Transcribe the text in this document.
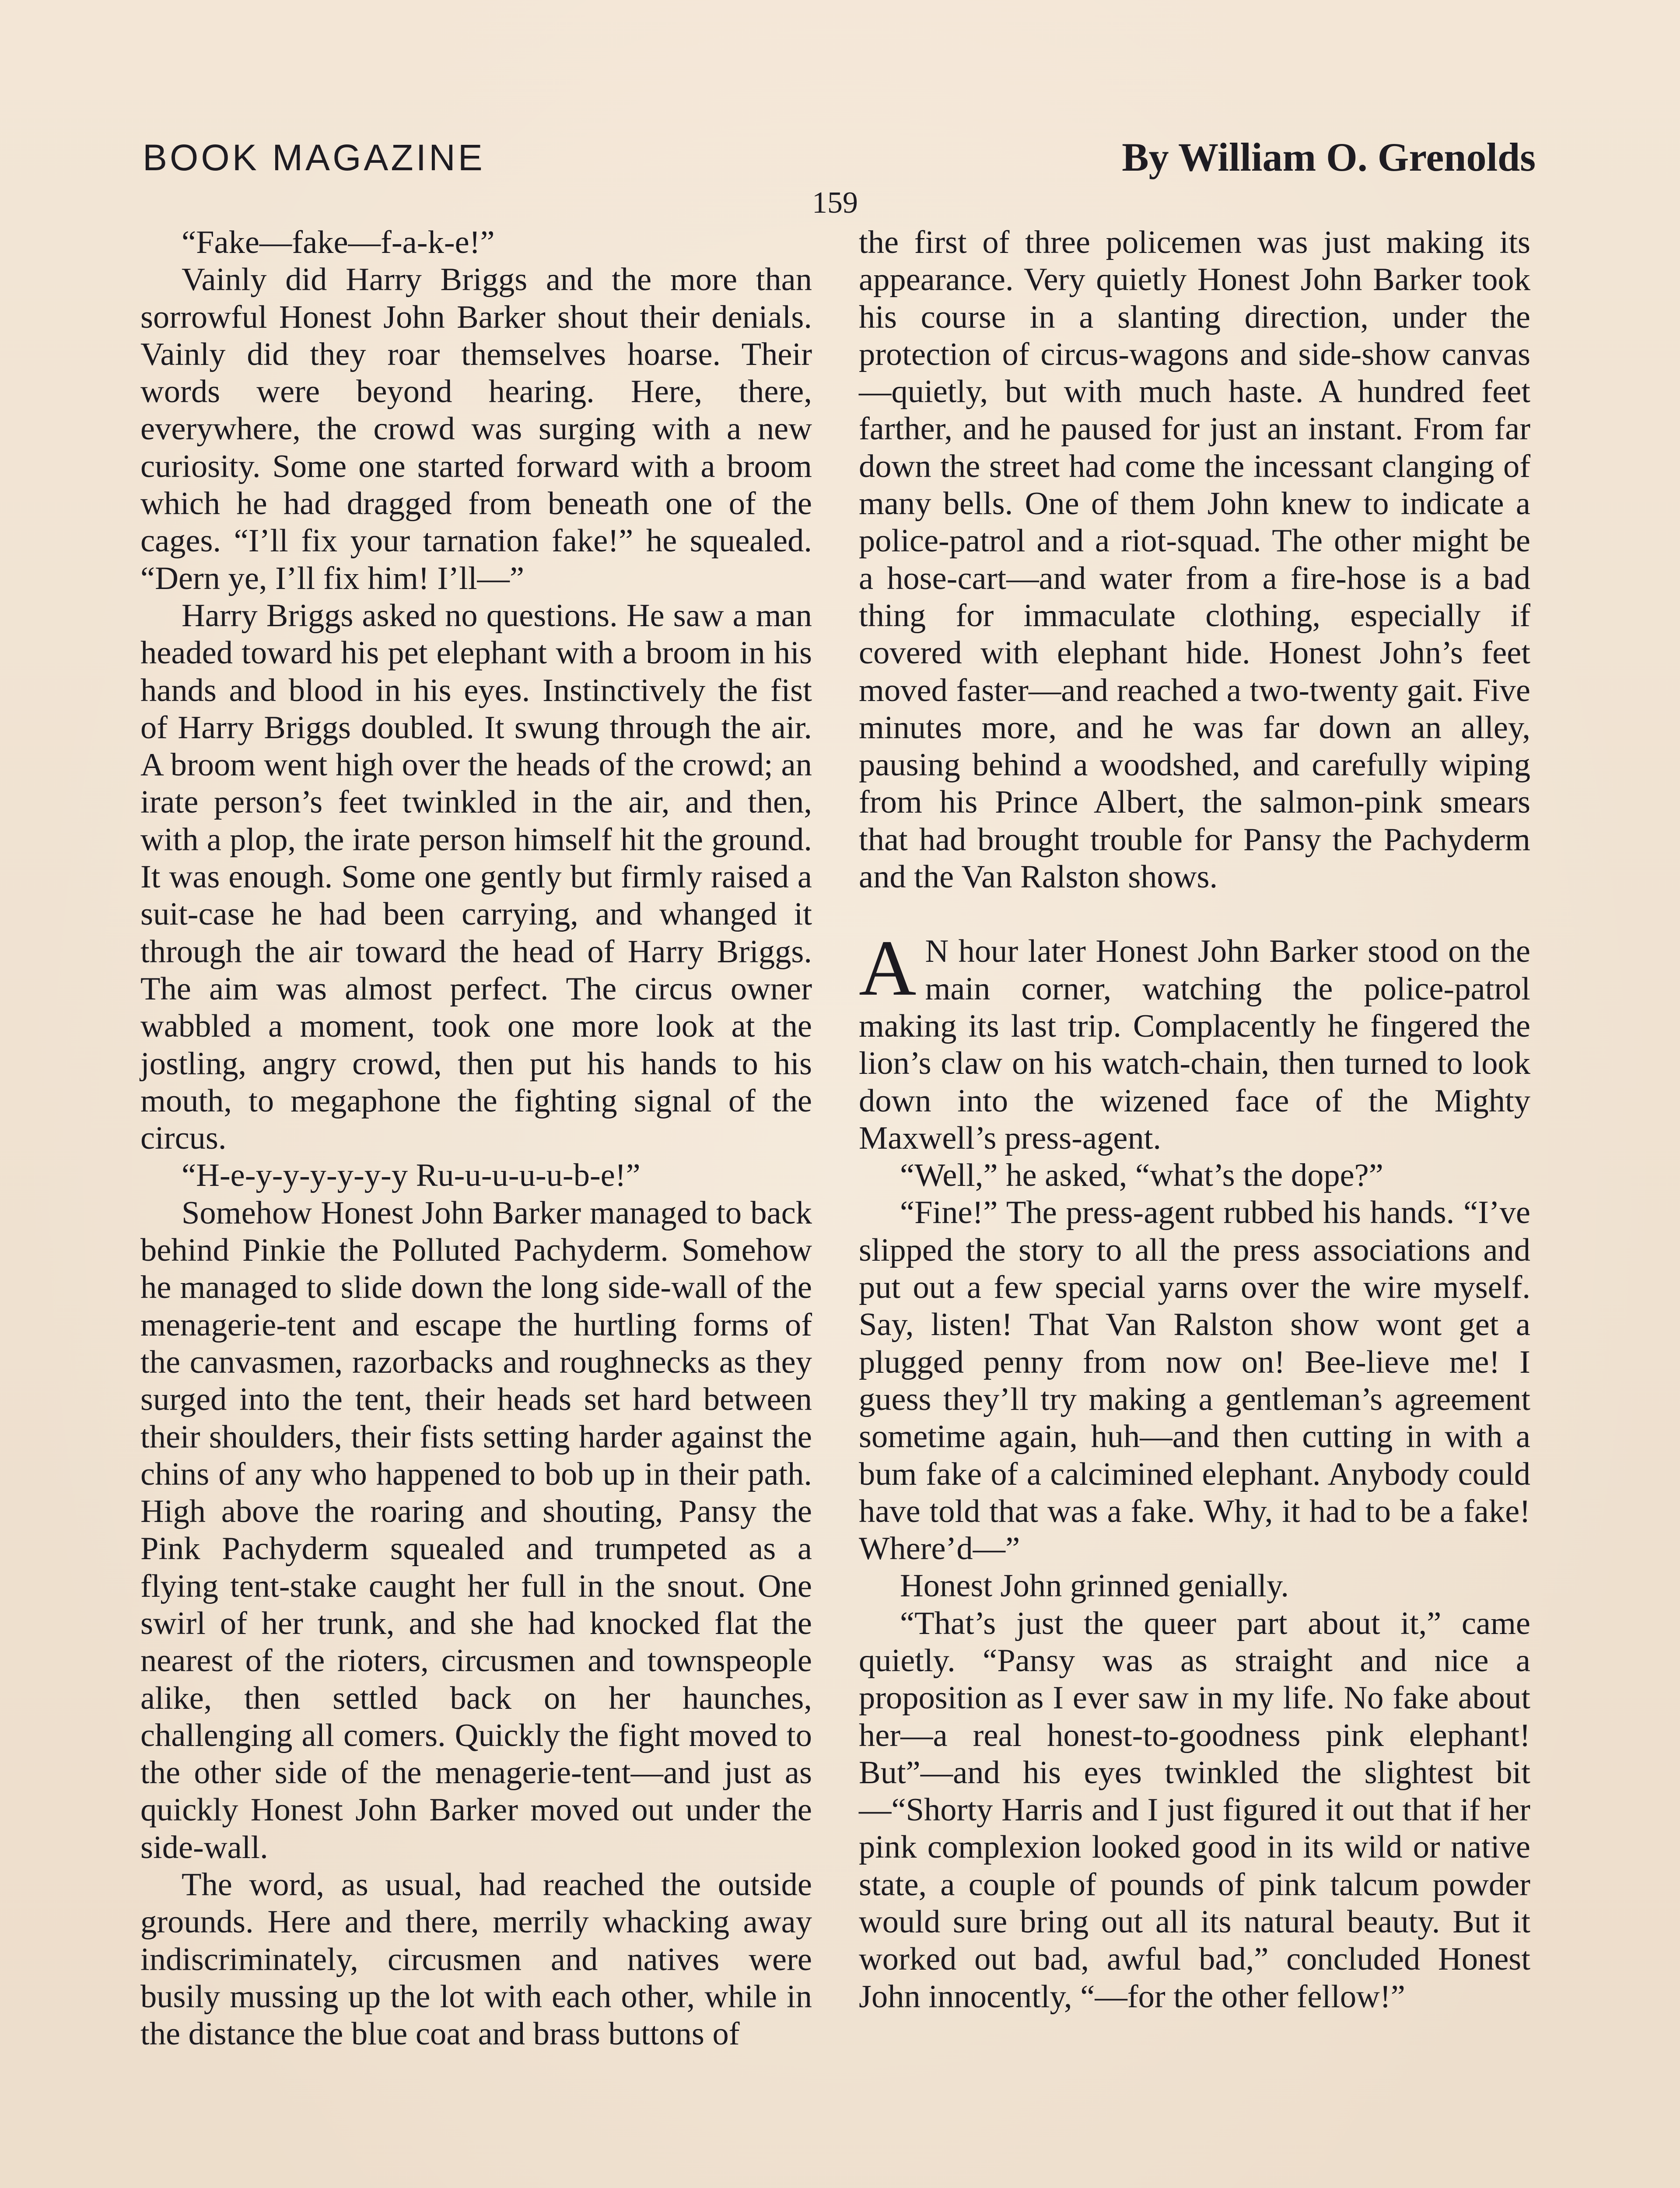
BOOK MAGAZINE	By William O. Grenolds
159

“Fake—fake—f-a-k-e!”

Vainly did Harry Briggs and the more than sorrowful Honest John Barker shout their denials. Vainly did they roar themselves hoarse. Their words were beyond hearing. Here, there, everywhere, the crowd was surging with a new curiosity. Some one started forward with a broom which he had dragged from beneath one of the cages. “I’ll fix your tarnation fake!” he squealed. “Dern ye, I’ll fix him! I’ll—”

Harry Briggs asked no questions. He saw a man headed toward his pet elephant with a broom in his hands and blood in his eyes. Instinctively the fist of Harry Briggs doubled. It swung through the air. A broom went high over the heads of the crowd; an irate person’s feet twinkled in the air, and then, with a plop, the irate person himself hit the ground. It was enough. Some one gently but firmly raised a suit-case he had been carrying, and whanged it through the air toward the head of Harry Briggs. The aim was almost perfect. The circus owner wabbled a moment, took one more look at the jostling, angry crowd, then put his hands to his mouth, to megaphone the fighting signal of the circus.

“H-e-y-y-y-y-y-y Ru-u-u-u-u-b-e!”

Somehow Honest John Barker managed to back behind Pinkie the Polluted Pachyderm. Somehow he managed to slide down the long side-wall of the menagerie-tent and escape the hurtling forms of the canvasmen, razorbacks and roughnecks as they surged into the tent, their heads set hard between their shoulders, their fists setting harder against the chins of any who happened to bob up in their path. High above the roaring and shouting, Pansy the Pink Pachyderm squealed and trumpeted as a flying tent-stake caught her full in the snout. One swirl of her trunk, and she had knocked flat the nearest of the rioters, circusmen and townspeople alike, then settled back on her haunches, challenging all comers. Quickly the fight moved to the other side of the menagerie-tent—and just as quickly Honest John Barker moved out under the side-wall.

The word, as usual, had reached the outside grounds. Here and there, merrily whacking away indiscriminately, circusmen and natives were busily mussing up the lot with each other, while in the distance the blue coat and brass buttons of

the first of three policemen was just making its appearance. Very quietly Honest John Barker took his course in a slanting direction, under the protection of circus-wagons and side-show canvas—quietly, but with much haste. A hundred feet farther, and he paused for just an instant. From far down the street had come the incessant clanging of many bells. One of them John knew to indicate a police-patrol and a riot-squad. The other might be a hose-cart—and water from a fire-hose is a bad thing for immaculate clothing, especially if covered with elephant hide. Honest John’s feet moved faster—and reached a two-twenty gait. Five minutes more, and he was far down an alley, pausing behind a woodshed, and carefully wiping from his Prince Albert, the salmon-pink smears that had brought trouble for Pansy the Pachyderm and the Van Ralston shows.

A N hour later Honest John Barker stood on the main corner, watching the police-patrol making its last trip. Complacently he fingered the lion’s claw on his watch-chain, then turned to look down into the wizened face of the Mighty Maxwell’s press-agent.

“Well,” he asked, “what’s the dope?”

“Fine!” The press-agent rubbed his hands. “I’ve slipped the story to all the press associations and put out a few special yarns over the wire myself. Say, listen! That Van Ralston show wont get a plugged penny from now on! Bee-lieve me! I guess they’ll try making a gentleman’s agreement sometime again, huh—and then cutting in with a bum fake of a calcimined elephant. Anybody could have told that was a fake. Why, it had to be a fake! Where’d—”

Honest John grinned genially.

“That’s just the queer part about it,” came quietly. “Pansy was as straight and nice a proposition as I ever saw in my life. No fake about her—a real honest-to-goodness pink elephant! But”—and his eyes twinkled the slightest bit—“Shorty Harris and I just figured it out that if her pink complexion looked good in its wild or native state, a couple of pounds of pink talcum powder would sure bring out all its natural beauty. But it worked out bad, awful bad,” concluded Honest John innocently, “—for the other fellow!”
